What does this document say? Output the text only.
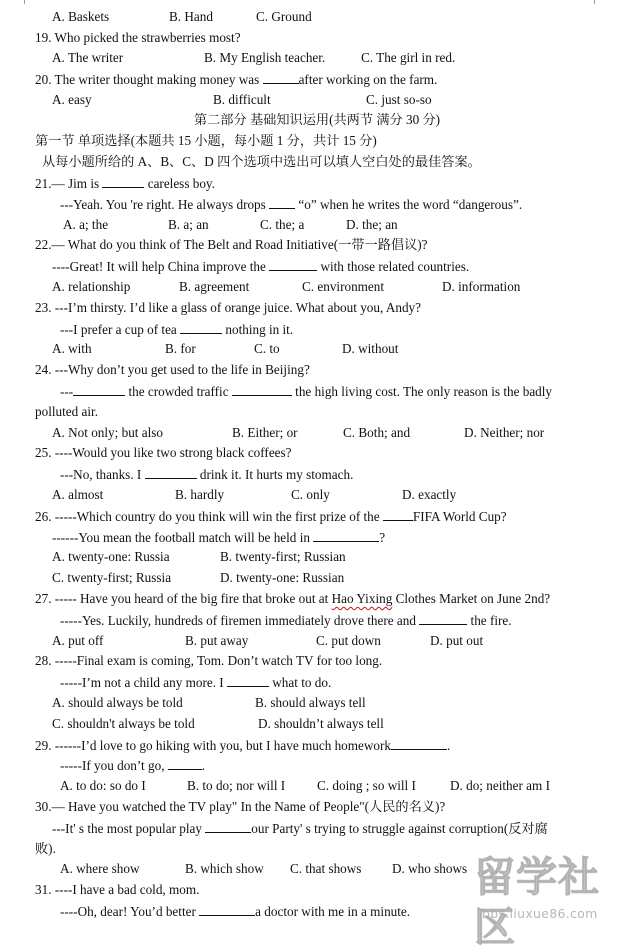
A. Baskets	B. Hand	C. Ground
19. Who picked the strawberries most?
A. The writer	B. My English teacher.	C. The girl in red.
20. The writer thought making money was	after working on the farm.
A. easy	B. difficult	C. just so-so
第二部分 基础知识运用(共两节 满分 30 分)
第一节 单项选择(本题共 15 小题，每小题 1 分，共计 15 分)
从每小题所给的 A、B、C、D 四个选项中选出可以填人空白处的最佳答案。
21.— Jim is	careless boy.
---Yeah. You 're right. He always drops  “o” when he writes the word “dangerous”.
A. a; the	B. a; an	C. the; a	D. the; an
22.— What do you think of The Belt and Road Initiative(一带一路倡议)?
----Great! It will help China improve the	with those related countries.
A. relationship	B. agreement	C. environment	D. information
23. ---I’m thirsty. I’d like a glass of orange juice. What about you, Andy?
---I prefer a cup of tea	nothing in it.
A. with	B. for	C. to	D. without
24. ---Why don’t you get used to the life in Beijing?
---	the crowded traffic	the high living cost. The only reason is the badly
polluted air.
A. Not only; but also	B. Either; or	C. Both; and	D. Neither; nor
25. ----Would you like two strong black coffees?
---No, thanks. I	drink it. It hurts my stomach.
A. almost	B. hardly	C. only	D. exactly
26. -----Which country do you think will win the first prize of the FIFA World Cup?
------You mean the football match will be held in	?
A. twenty-one: Russia	B. twenty-first; Russian
C. twenty-first; Russia	D. twenty-one: Russian
27. ----- Have you heard of the big fire that broke out at Hao Yixing Clothes Market on June 2nd?
-----Yes. Luckily, hundreds of firemen immediately drove there and	the fire.
A. put off	B. put away	C. put down	D. put out
28. -----Final exam is coming, Tom. Don’t watch TV for too long.
-----I’m not a child any more. I	what to do.
A. should always be told	B. should always tell
C. shouldn't always be told	D. shouldn’t always tell
29. ------I’d love to go hiking with you, but I have much homework	.
-----If you don’t go,	.
A. to do: so do I	B. to do; nor will I C. doing ; so will I	D. do; neither am I
30.— Have you watched the TV play" In the Name of People"(人民的名义)?
---It' s the most popular play	our Party' s trying to struggle against corruption(反对腐
败).
A. where show	B. which show C. that shows D. who shows
31. ----I have a bad cold, mom.
----Oh, dear! You’d better	a doctor with me in a minute.
留学社区
bbs.liuxue86.com
